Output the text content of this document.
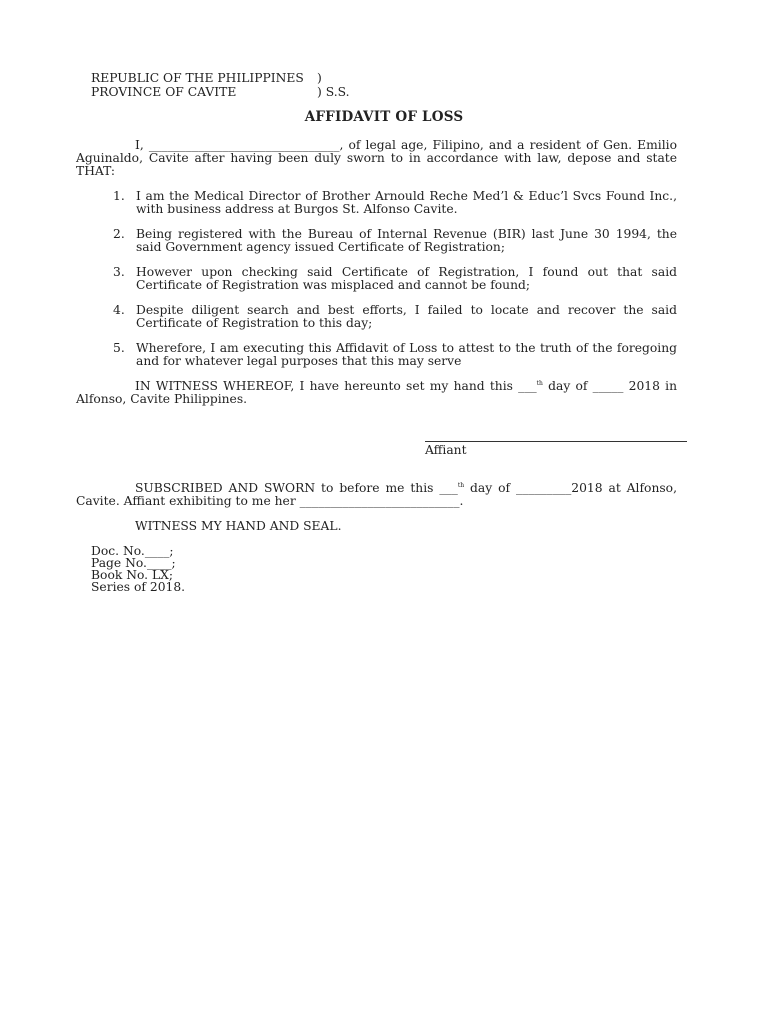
REPUBLIC OF THE PHILIPPINES )
PROVINCE OF CAVITE	) S.S.
AFFIDAVIT OF LOSS
I, _______________________________, of legal age, Filipino, and a resident of Gen. Emilio Aguinaldo, Cavite after having been duly sworn to in accordance with law, depose and state THAT:
1. I am the Medical Director of Brother Arnould Reche Med’l & Educ’l Svcs Found Inc., with business address at Burgos St. Alfonso Cavite.
2. Being registered with the Bureau of Internal Revenue (BIR) last June 30 1994, the said Government agency issued Certificate of Registration;
3. However upon checking said Certificate of Registration, I found out that said Certificate of Registration was misplaced and cannot be found;
4. Despite diligent search and best efforts, I failed to locate and recover the said Certificate of Registration to this day;
5. Wherefore, I am executing this Affidavit of Loss to attest to the truth of the foregoing and for whatever legal purposes that this may serve
IN WITNESS WHEREOF, I have hereunto set my hand this ___$^{th}$ day of _____ 2018 in Alfonso, Cavite Philippines.
Affiant
SUBSCRIBED AND SWORN to before me this ___$^{th}$ day of _________2018 at Alfonso, Cavite. Affiant exhibiting to me her __________________________.
WITNESS MY HAND AND SEAL.
Doc. No.____;
Page No.____;
Book No. LX;
Series of 2018.
